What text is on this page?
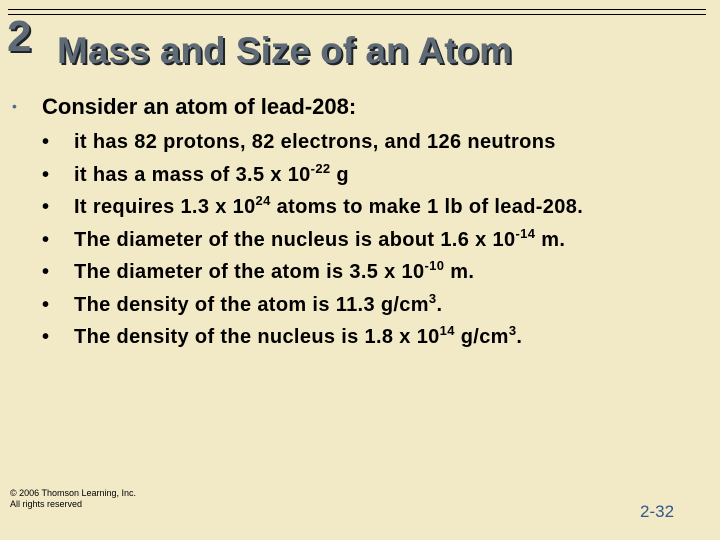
2 Mass and Size of an Atom
•	Consider an atom of lead-208:
•	it has 82 protons, 82 electrons, and 126 neutrons
•	it has a mass of 3.5 x $10^{-22}$ g
•	It requires 1.3 x $10^{24}$ atoms to make 1 lb of lead-208.
•	The diameter of the nucleus is about 1.6 x $10^{-14}$ m.
•	The diameter of the atom is 3.5 x $10^{-10}$ m.
•	The density of the atom is 11.3 $g/cm^3$.
•	The density of the nucleus is 1.8 x $10^{14}$ $g/cm^3$.
© 2006 Thomson Learning, Inc.
All rights reserved	2-32
